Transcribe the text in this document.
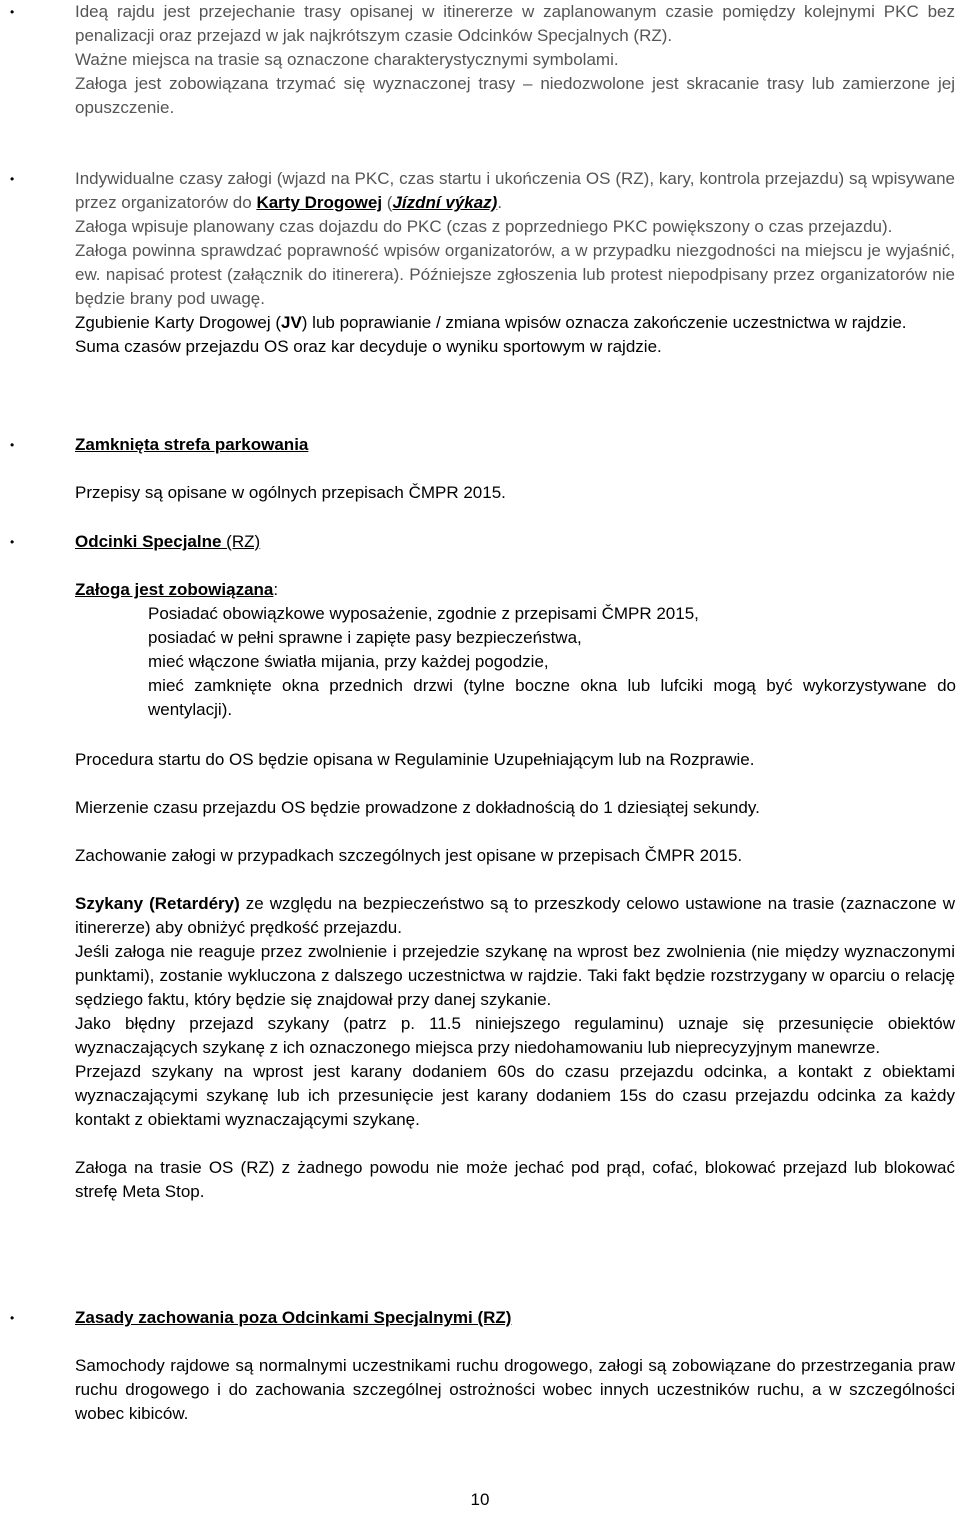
•	Ideą rajdu jest przejechanie trasy opisanej w itinererze w zaplanowanym czasie pomiędzy kolejnymi PKC bez penalizacji oraz przejazd w jak najkrótszym czasie Odcinków Specjalnych (RZ).

Ważne miejsca na trasie są oznaczone charakterystycznymi symbolami.

Załoga jest zobowiązana trzymać się wyznaczonej trasy – niedozwolone jest skracanie trasy lub zamierzone jej opuszczenie.

•	Indywidualne czasy załogi (wjazd na PKC, czas startu i ukończenia OS (RZ), kary, kontrola przejazdu) są wpisywane przez organizatorów do Karty Drogowej (Jízdní výkaz).

Załoga wpisuje planowany czas dojazdu do PKC (czas z poprzedniego PKC powiększony o czas przejazdu).

Załoga powinna sprawdzać poprawność wpisów organizatorów, a w przypadku niezgodności na miejscu je wyjaśnić, ew. napisać protest (załącznik do itinerera). Późniejsze zgłoszenia lub protest niepodpisany przez organizatorów nie będzie brany pod uwagę.

Zgubienie Karty Drogowej (JV) lub poprawianie / zmiana wpisów oznacza zakończenie uczestnictwa w rajdzie.

Suma czasów przejazdu OS oraz kar decyduje o wyniku sportowym w rajdzie.

•	Zamknięta strefa parkowania

Przepisy są opisane w ogólnych przepisach ČMPR 2015.

•	Odcinki Specjalne (RZ)

Załoga jest zobowiązana:

Posiadać obowiązkowe wyposażenie, zgodnie z przepisami ČMPR 2015,

posiadać w pełni sprawne i zapięte pasy bezpieczeństwa,

mieć włączone światła mijania, przy każdej pogodzie,

mieć zamknięte okna przednich drzwi (tylne boczne okna lub lufciki mogą być wykorzystywane do wentylacji).

Procedura startu do OS będzie opisana w Regulaminie Uzupełniającym lub na Rozprawie.

Mierzenie czasu przejazdu OS będzie prowadzone z dokładnością do 1 dziesiątej sekundy.

Zachowanie załogi w przypadkach szczególnych jest opisane w przepisach ČMPR 2015.

Szykany (Retardéry) ze względu na bezpieczeństwo są to przeszkody celowo ustawione na trasie (zaznaczone w itinererze) aby obniżyć prędkość przejazdu.

Jeśli załoga nie reaguje przez zwolnienie i przejedzie szykanę na wprost bez zwolnienia (nie między wyznaczonymi punktami), zostanie wykluczona z dalszego uczestnictwa w rajdzie. Taki fakt będzie rozstrzygany w oparciu o relację sędziego faktu, który będzie się znajdował przy danej szykanie.

Jako błędny przejazd szykany (patrz p. 11.5 niniejszego regulaminu) uznaje się przesunięcie obiektów wyznaczających szykanę z ich oznaczonego miejsca przy niedohamowaniu lub nieprecyzyjnym manewrze.

Przejazd szykany na wprost jest karany dodaniem 60s do czasu przejazdu odcinka, a kontakt z obiektami wyznaczającymi szykanę lub ich przesunięcie jest karany dodaniem 15s do czasu przejazdu odcinka za każdy kontakt z obiektami wyznaczającymi szykanę.

Załoga na trasie OS (RZ) z żadnego powodu nie może jechać pod prąd, cofać, blokować przejazd lub blokować strefę Meta Stop.

•	Zasady zachowania poza Odcinkami Specjalnymi (RZ)

Samochody rajdowe są normalnymi uczestnikami ruchu drogowego, załogi są zobowiązane do przestrzegania praw ruchu drogowego i do zachowania szczególnej ostrożności wobec innych uczestników ruchu, a w szczególności wobec kibiców.

10
